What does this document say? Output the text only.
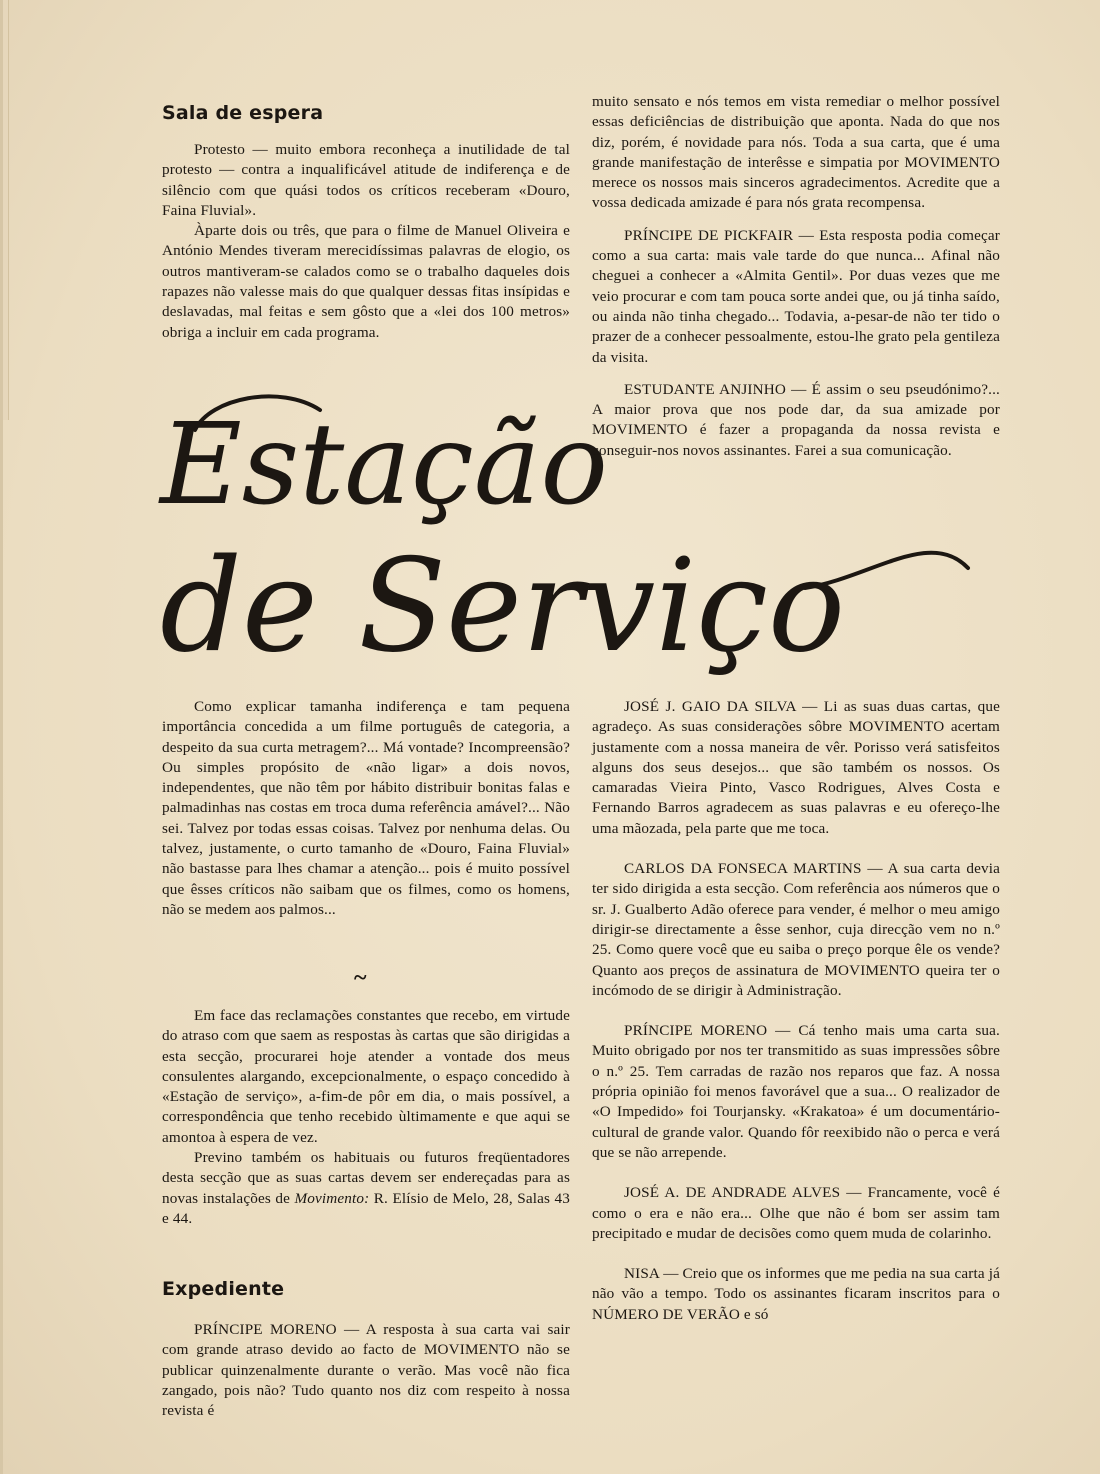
Sala de espera

Protesto — muito embora reconheça a inutilidade de tal protesto — contra a inqualificável atitude de indiferença e de silêncio com que quási todos os críticos receberam «Douro, Faina Fluvial».

Àparte dois ou três, que para o filme de Manuel Oliveira e António Mendes tiveram merecidíssimas palavras de elogio, os outros mantiveram-se calados como se o trabalho daqueles dois rapazes não valesse mais do que qualquer dessas fitas insípidas e deslavadas, mal feitas e sem gôsto que a «lei dos 100 metros» obriga a incluir em cada programa.

Estação
de Serviço

Como explicar tamanha indiferença e tam pequena importância concedida a um filme português de categoria, a despeito da sua curta metragem?... Má vontade? Incompreensão? Ou simples propósito de «não ligar» a dois novos, independentes, que não têm por hábito distribuir bonitas falas e palmadinhas nas costas em troca duma referência amável?... Não sei. Talvez por todas essas coisas. Talvez por nenhuma delas. Ou talvez, justamente, o curto tamanho de «Douro, Faina Fluvial» não bastasse para lhes chamar a atenção... pois é muito possível que êsses críticos não saibam que os filmes, como os homens, não se medem aos palmos...

~

Em face das reclamações constantes que recebo, em virtude do atraso com que saem as respostas às cartas que são dirigidas a esta secção, procurarei hoje atender a vontade dos meus consulentes alargando, excepcionalmente, o espaço concedido à «Estação de serviço», a-fim-de pôr em dia, o mais possível, a correspondência que tenho recebido ùltimamente e que aqui se amontoa à espera de vez.

Previno também os habituais ou futuros freqüentadores desta secção que as suas cartas devem ser endereçadas para as novas instalações de Movimento: R. Elísio de Melo, 28, Salas 43 e 44.

Expediente

PRÍNCIPE MORENO — A resposta à sua carta vai sair com grande atraso devido ao facto de MOVIMENTO não se publicar quinzenalmente durante o verão. Mas você não fica zangado, pois não? Tudo quanto nos diz com respeito à nossa revista é

muito sensato e nós temos em vista remediar o melhor possível essas deficiências de distribuição que aponta. Nada do que nos diz, porém, é novidade para nós. Toda a sua carta, que é uma grande manifestação de interêsse e simpatia por MOVIMENTO merece os nossos mais sinceros agradecimentos. Acredite que a vossa dedicada amizade é para nós grata recompensa.

PRÍNCIPE DE PICKFAIR — Esta resposta podia começar como a sua carta: mais vale tarde do que nunca... Afinal não cheguei a conhecer a «Almita Gentil». Por duas vezes que me veio procurar e com tam pouca sorte andei que, ou já tinha saído, ou ainda não tinha chegado... Todavia, a-pesar-de não ter tido o prazer de a conhecer pessoalmente, estou-lhe grato pela gentileza da visita.

ESTUDANTE ANJINHO — É assim o seu pseudónimo?... A maior prova que nos pode dar, da sua amizade por MOVIMENTO é fazer a propaganda da nossa revista e conseguir-nos novos assinantes. Farei a sua comunicação.

JOSÉ J. GAIO DA SILVA — Li as suas duas cartas, que agradeço. As suas considerações sôbre MOVIMENTO acertam justamente com a nossa maneira de vêr. Porisso verá satisfeitos alguns dos seus desejos... que são também os nossos. Os camaradas Vieira Pinto, Vasco Rodrigues, Alves Costa e Fernando Barros agradecem as suas palavras e eu ofereço-lhe uma mãozada, pela parte que me toca.

CARLOS DA FONSECA MARTINS — A sua carta devia ter sido dirigida a esta secção. Com referência aos números que o sr. J. Gualberto Adão oferece para vender, é melhor o meu amigo dirigir-se directamente a êsse senhor, cuja direcção vem no n.º 25. Como quere você que eu saiba o preço porque êle os vende? Quanto aos preços de assinatura de MOVIMENTO queira ter o incómodo de se dirigir à Administração.

PRÍNCIPE MORENO — Cá tenho mais uma carta sua. Muito obrigado por nos ter transmitido as suas impressões sôbre o n.º 25. Tem carradas de razão nos reparos que faz. A nossa própria opinião foi menos favorável que a sua... O realizador de «O Impedido» foi Tourjansky. «Krakatoa» é um documentário-cultural de grande valor. Quando fôr reexibido não o perca e verá que se não arrepende.

JOSÉ A. DE ANDRADE ALVES — Francamente, você é como o era e não era... Olhe que não é bom ser assim tam precipitado e mudar de decisões como quem muda de colarinho.

NISA — Creio que os informes que me pedia na sua carta já não vão a tempo. Todo os assinantes ficaram inscritos para o NÚMERO DE VERÃO e só
